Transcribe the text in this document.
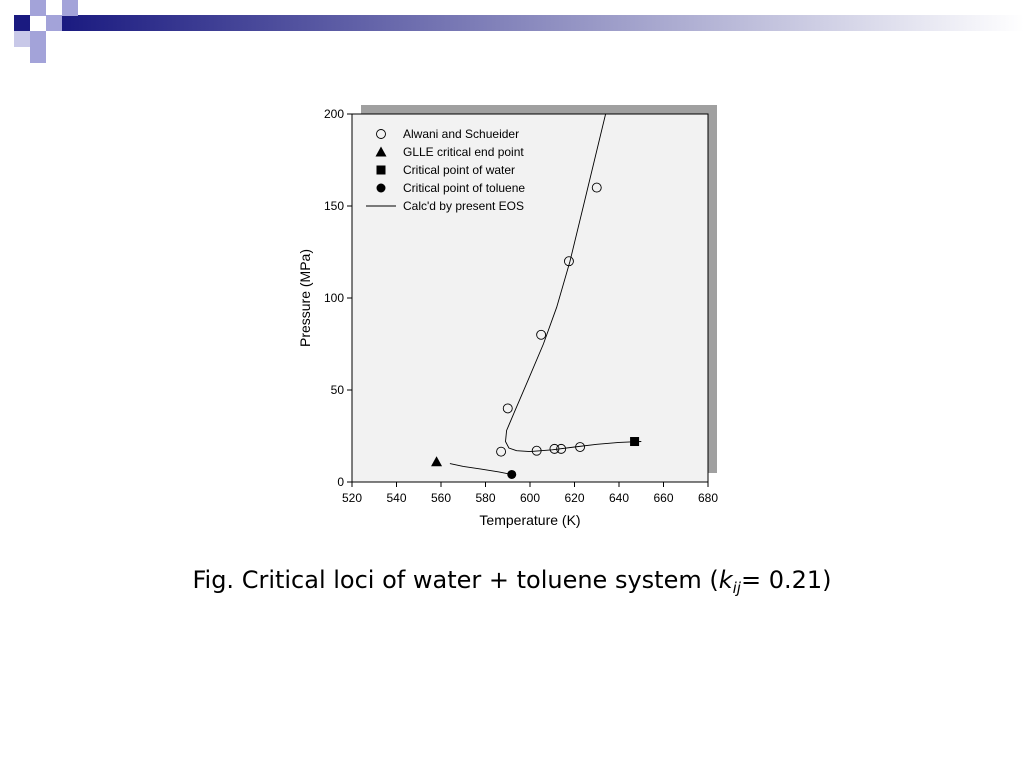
520 540 560 580 600 620 640 660 680
0
50
100
150
200
Temperature (K)
Pressure (MPa)
Alwani and Schueider
GLLE critical end point
Critical point of water
Critical point of toluene
Calc'd by present EOS
Fig. Critical loci of water + toluene system $(k_{ij}= 0.21)$
